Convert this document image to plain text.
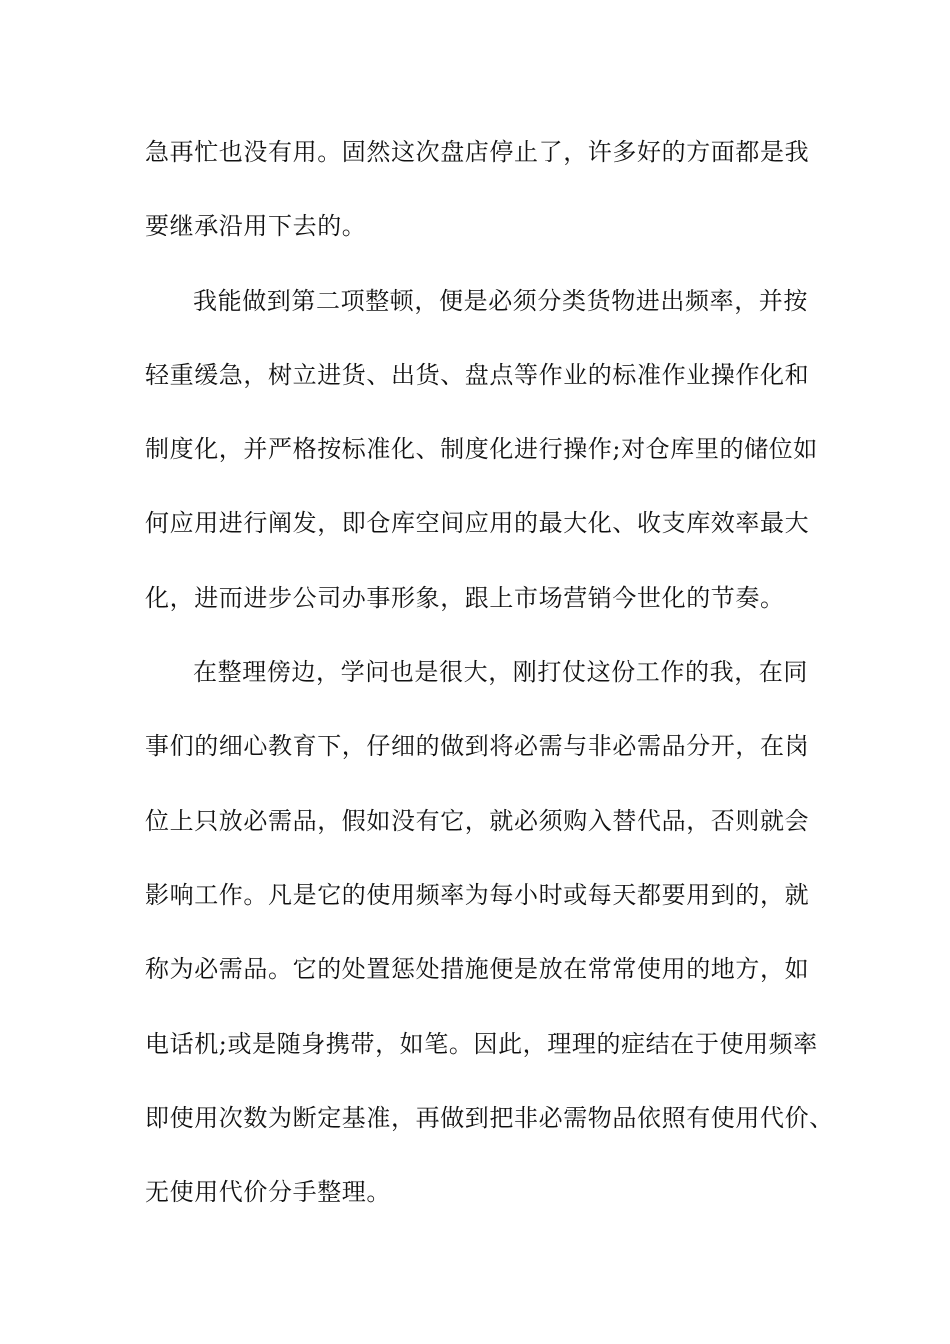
急再忙也没有用。固然这次盘店停止了，许多好的方面都是我
要继承沿用下去的。
我能做到第二项整顿，便是必须分类货物进出频率，并按
轻重缓急，树立进货、出货、盘点等作业的标准作业操作化和
制度化，并严格按标准化、制度化进行操作;对仓库里的储位如
何应用进行阐发，即仓库空间应用的最大化、收支库效率最大
化，进而进步公司办事形象，跟上市场营销今世化的节奏。
在整理傍边，学问也是很大，刚打仗这份工作的我，在同
事们的细心教育下，仔细的做到将必需与非必需品分开，在岗
位上只放必需品，假如没有它，就必须购入替代品，否则就会
影响工作。凡是它的使用频率为每小时或每天都要用到的，就
称为必需品。它的处置惩处措施便是放在常常使用的地方，如
电话机;或是随身携带，如笔。因此，理理的症结在于使用频率
即使用次数为断定基准，再做到把非必需物品依照有使用代价、
无使用代价分手整理。
